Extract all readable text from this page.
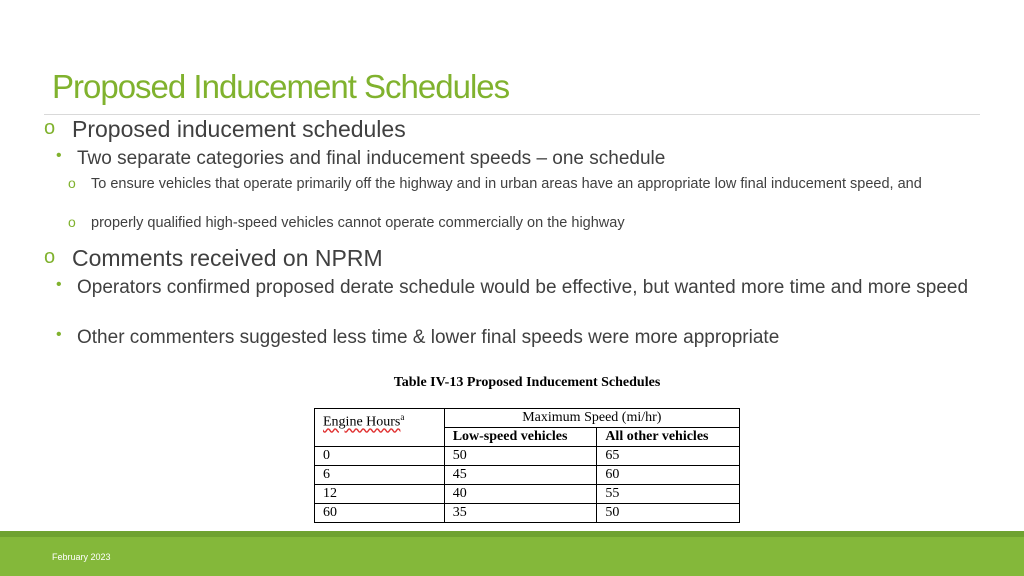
Proposed Inducement Schedules
o Proposed inducement schedules
• Two separate categories and final inducement speeds – one schedule
o To ensure vehicles that operate primarily off the highway and in urban areas have an appropriate low final inducement speed, and
o properly qualified high-speed vehicles cannot operate commercially on the highway
o Comments received on NPRM
• Operators confirmed proposed derate schedule would be effective, but wanted more time and more speed
• Other commenters suggested less time & lower final speeds were more appropriate
Table IV-13 Proposed Inducement Schedules
Engine Hours$^a$	Maximum Speed (mi/hr)	
	Low-speed vehicles	All other vehicles
0	50	65
6	45	60
12	40	55
60	35	50
February 2023
